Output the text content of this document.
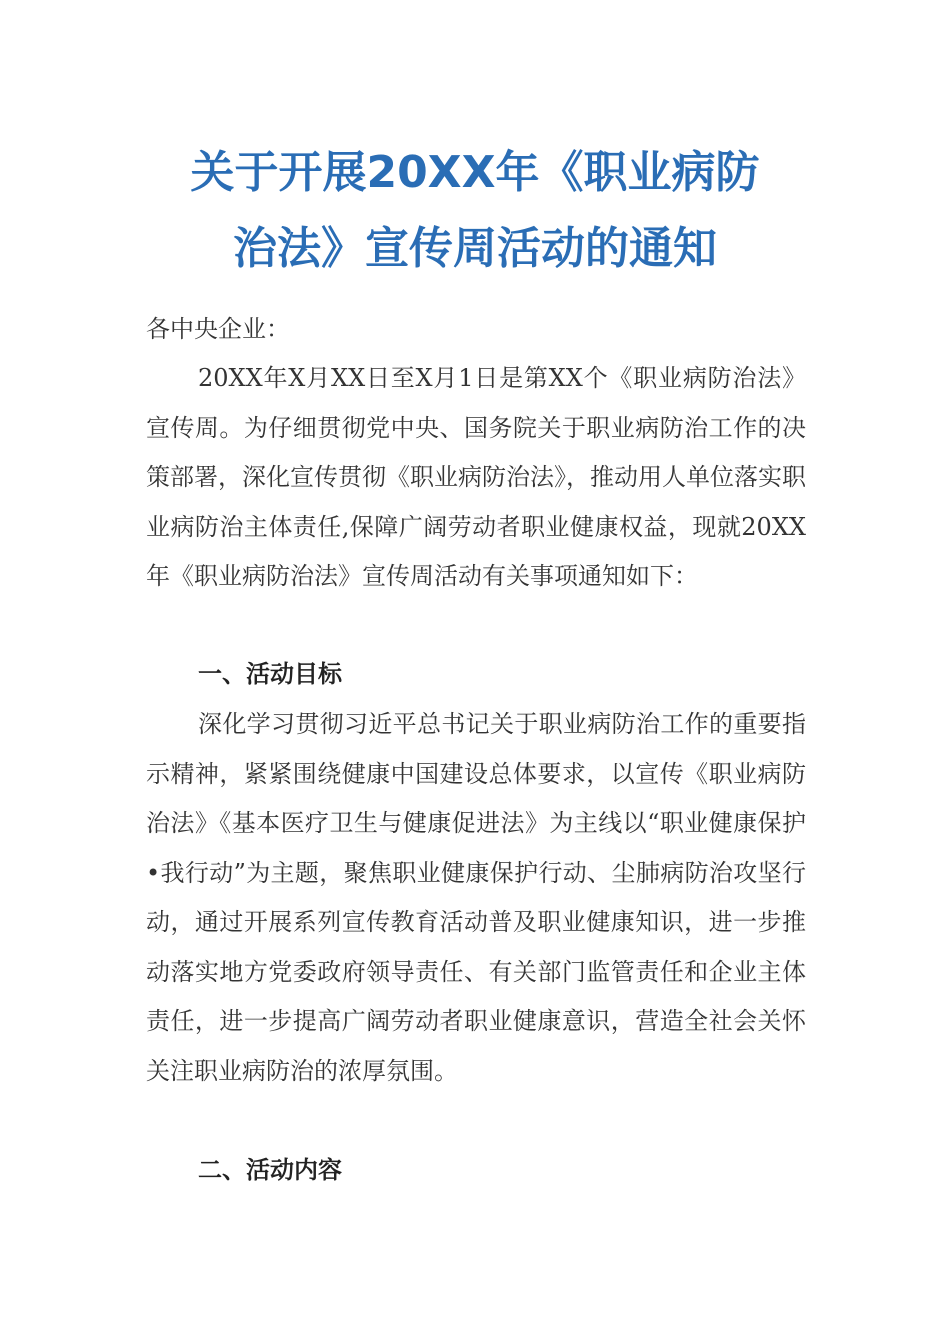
关于开展20XX年《职业病防
治法》宣传周活动的通知

各中央企业：

20XX年X月XX日至X月1日是第XX个《职业病防治法》宣传周。为仔细贯彻党中央、国务院关于职业病防治工作的决策部署，深化宣传贯彻《职业病防治法》，推动用人单位落实职业病防治主体责任,保障广阔劳动者职业健康权益，现就20XX年《职业病防治法》宣传周活动有关事项通知如下：

一、活动目标

深化学习贯彻习近平总书记关于职业病防治工作的重要指示精神，紧紧围绕健康中国建设总体要求，以宣传《职业病防治法》《基本医疗卫生与健康促进法》为主线以“职业健康保护•我行动”为主题，聚焦职业健康保护行动、尘肺病防治攻坚行动，通过开展系列宣传教育活动普及职业健康知识，进一步推动落实地方党委政府领导责任、有关部门监管责任和企业主体责任，进一步提高广阔劳动者职业健康意识，营造全社会关怀关注职业病防治的浓厚氛围。

二、活动内容
